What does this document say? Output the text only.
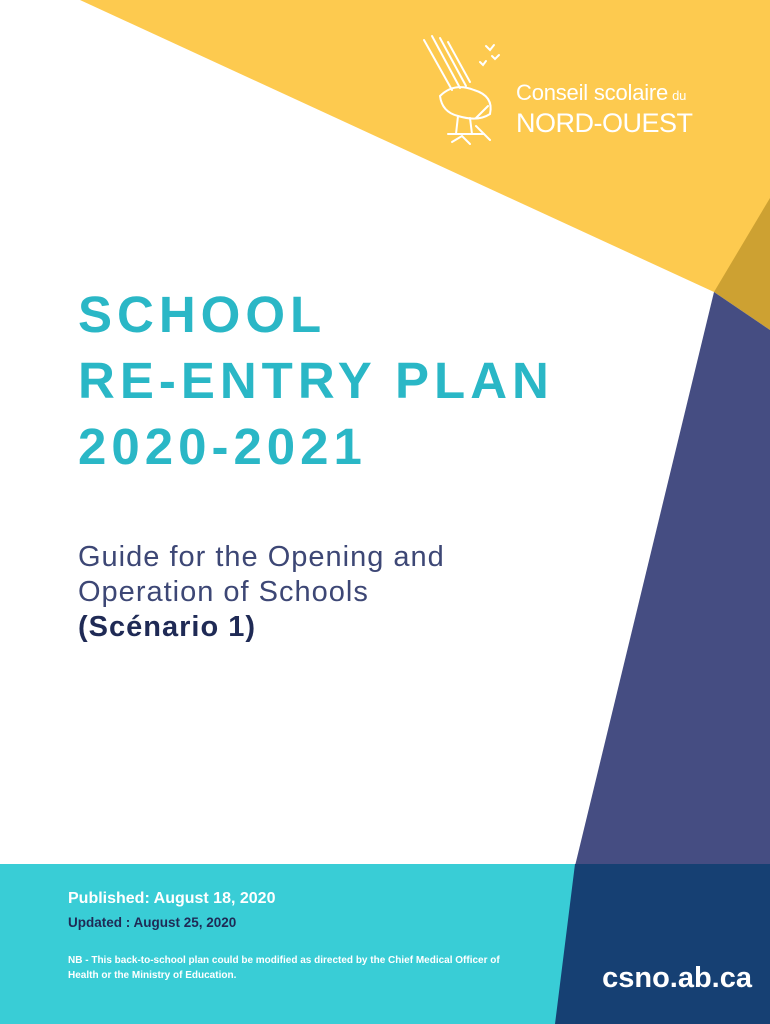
Conseil scolaire du
NORD-OUEST
SCHOOL
RE-ENTRY PLAN
2020-2021
Guide for the Opening and
Operation of Schools
(Scénario 1)
Published: August 18, 2020
Updated : August 25, 2020
NB - This back-to-school plan could be modified as directed by the Chief Medical Officer of Health or the Ministry of Education.	csno.ab.ca
